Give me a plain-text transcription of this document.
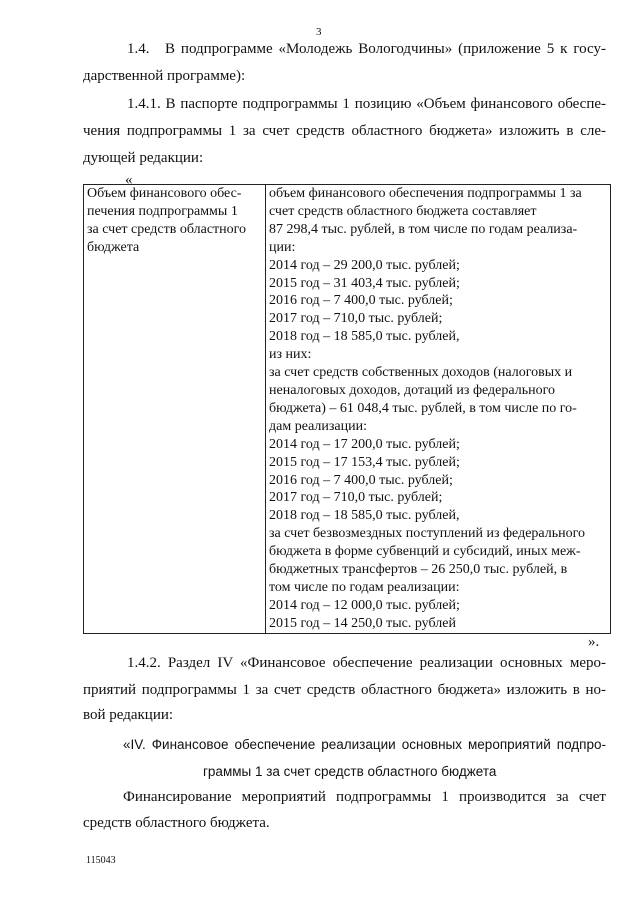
3
1.4. В подпрограмме «Молодежь Вологодчины» (приложение 5 к госу-
дарственной программе):
1.4.1. В паспорте подпрограммы 1 позицию «Объем финансового обеспе-
чения подпрограммы 1 за счет средств областного бюджета» изложить в сле-
дующей редакции:
«
Объем финансового обес-
печения подпрограммы 1
за счет средств областного
бюджета

объем финансового обеспечения подпрограммы 1 за
счет средств областного бюджета составляет
87 298,4 тыс. рублей, в том числе по годам реализа-
ции:
2014 год – 29 200,0 тыс. рублей;
2015 год – 31 403,4 тыс. рублей;
2016 год – 7 400,0 тыс. рублей;
2017 год – 710,0 тыс. рублей;
2018 год – 18 585,0 тыс. рублей,
из них:
за счет средств собственных доходов (налоговых и
неналоговых доходов, дотаций из федерального
бюджета) – 61 048,4 тыс. рублей, в том числе по го-
дам реализации:
2014 год – 17 200,0 тыс. рублей;
2015 год – 17 153,4 тыс. рублей;
2016 год – 7 400,0 тыс. рублей;
2017 год – 710,0 тыс. рублей;
2018 год – 18 585,0 тыс. рублей,
за счет безвозмездных поступлений из федерального
бюджета в форме субвенций и субсидий, иных меж-
бюджетных трансфертов – 26 250,0 тыс. рублей, в
том числе по годам реализации:
2014 год – 12 000,0 тыс. рублей;
2015 год – 14 250,0 тыс. рублей
».
1.4.2. Раздел IV «Финансовое обеспечение реализации основных меро-
приятий подпрограммы 1 за счет средств областного бюджета» изложить в но-
вой редакции:
«IV. Финансовое обеспечение реализации основных мероприятий подпро-
граммы 1 за счет средств областного бюджета
Финансирование мероприятий подпрограммы 1 производится за счет
средств областного бюджета.
115043
